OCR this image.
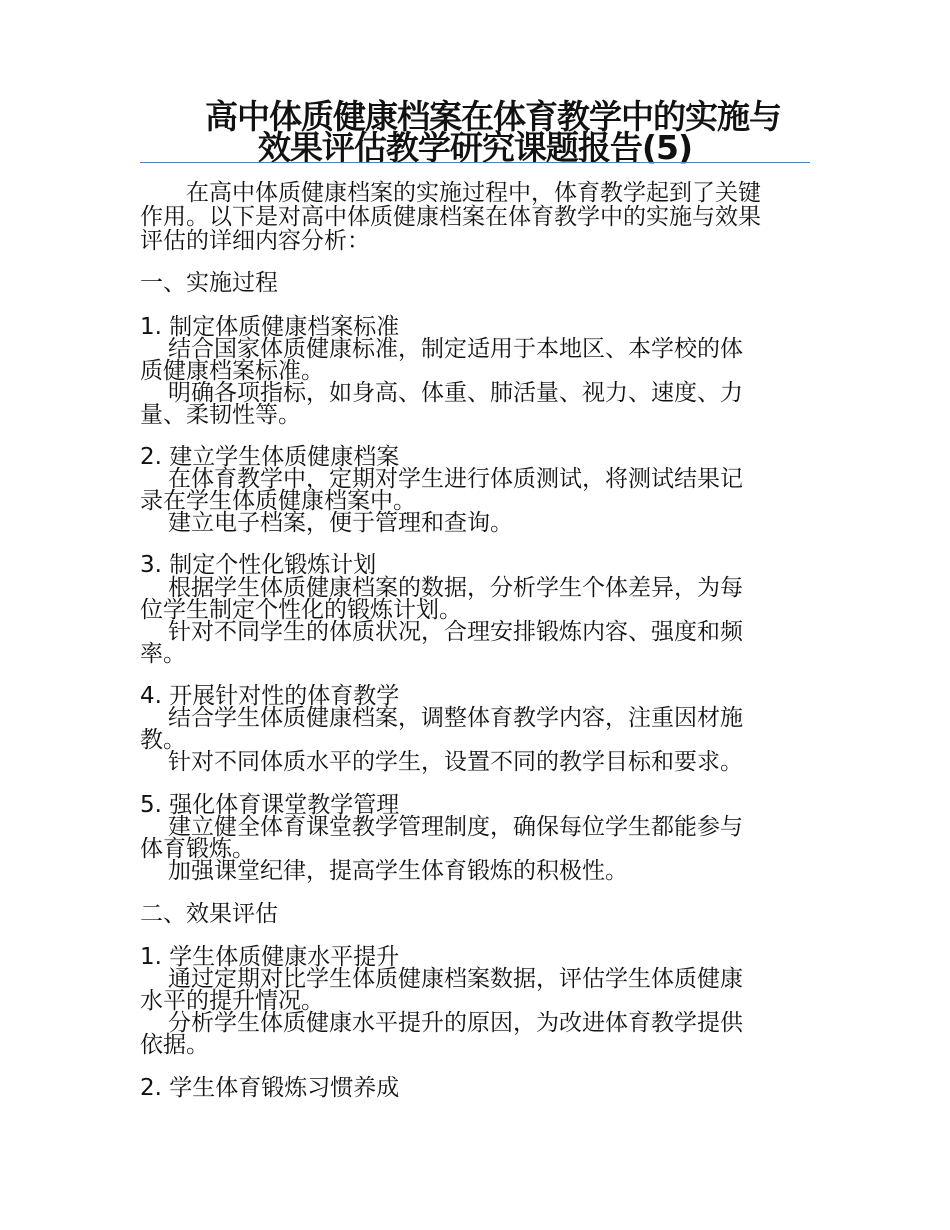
高中体质健康档案在体育教学中的实施与
效果评估教学研究课题报告(5)
在高中体质健康档案的实施过程中，体育教学起到了关键
作用。以下是对高中体质健康档案在体育教学中的实施与效果
评估的详细内容分析：
一、实施过程
1. 制定体质健康档案标准
结合国家体质健康标准，制定适用于本地区、本学校的体
质健康档案标准。
明确各项指标，如身高、体重、肺活量、视力、速度、力
量、柔韧性等。
2. 建立学生体质健康档案
在体育教学中，定期对学生进行体质测试，将测试结果记
录在学生体质健康档案中。
建立电子档案，便于管理和查询。
3. 制定个性化锻炼计划
根据学生体质健康档案的数据，分析学生个体差异，为每
位学生制定个性化的锻炼计划。
针对不同学生的体质状况，合理安排锻炼内容、强度和频
率。
4. 开展针对性的体育教学
结合学生体质健康档案，调整体育教学内容，注重因材施
教。
针对不同体质水平的学生，设置不同的教学目标和要求。
5. 强化体育课堂教学管理
建立健全体育课堂教学管理制度，确保每位学生都能参与
体育锻炼。
加强课堂纪律，提高学生体育锻炼的积极性。
二、效果评估
1. 学生体质健康水平提升
通过定期对比学生体质健康档案数据，评估学生体质健康
水平的提升情况。
分析学生体质健康水平提升的原因，为改进体育教学提供
依据。
2. 学生体育锻炼习惯养成
